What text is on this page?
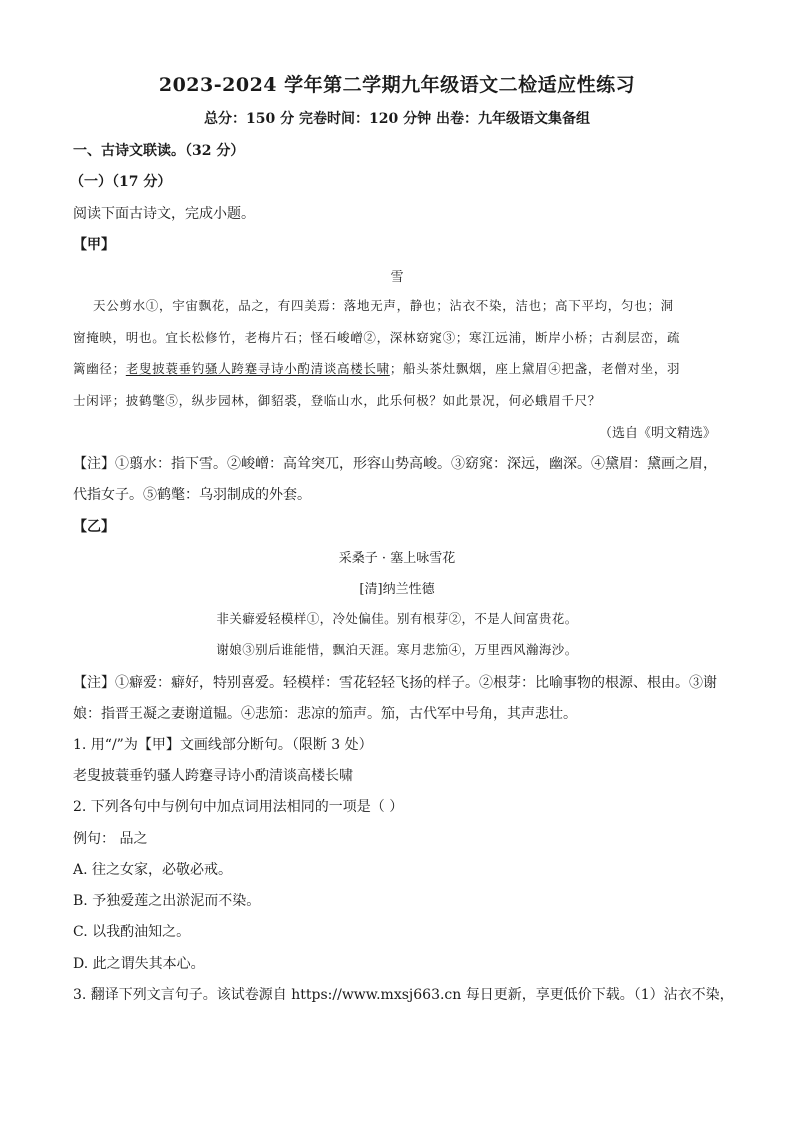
2023-2024 学年第二学期九年级语文二检适应性练习
总分：150 分 完卷时间：120 分钟 出卷：九年级语文集备组
一、古诗文联读。（32 分）
（一）（17 分）
阅读下面古诗文，完成小题。
【甲】
雪
天公剪水①，宇宙飘花，品之，有四美焉：落地无声，静也；沾衣不染，洁也；高下平均，匀也；洞
窗掩映，明也。宜长松修竹，老梅片石；怪石峻嶒②，深林窈窕③；寒江远浦，断岸小桥；古刹层峦，疏
篱幽径；老叟披蓑垂钓骚人跨蹇寻诗小酌清谈高楼长啸；船头茶灶飘烟，座上黛眉④把盏，老僧对坐，羽
士闲评；披鹤氅⑤，纵步园林，御貂裘，登临山水，此乐何极？如此景况，何必蛾眉千尺？
（选自《明文精选》
【注】①翦水：指下雪。②峻嶒：高耸突兀，形容山势高峻。③窈窕：深远，幽深。④黛眉：黛画之眉，
代指女子。⑤鹤氅：乌羽制成的外套。
【乙】
采桑子 · 塞上咏雪花
[清]纳兰性德
非关癖爱轻模样①，冷处偏佳。别有根芽②，不是人间富贵花。
谢娘③别后谁能惜，飘泊天涯。寒月悲笳④，万里西风瀚海沙。
【注】①癖爱：癖好，特别喜爱。轻模样：雪花轻轻飞扬的样子。②根芽：比喻事物的根源、根由。③谢
娘：指晋王凝之妻谢道韫。④悲笳：悲凉的笳声。笳，古代军中号角，其声悲壮。
1. 用“/”为【甲】文画线部分断句。（限断 3 处）
老叟披蓑垂钓骚人跨蹇寻诗小酌清谈高楼长啸
2. 下列各句中与例句中加点词用法相同的一项是（ ）
例句： 品之
A. 往之女家，必敬必戒。
B. 予独爱莲之出淤泥而不染。
C. 以我酌油知之。
D. 此之谓失其本心。
3. 翻译下列文言句子。该试卷源自 https://www.mxsj663.cn 每日更新，享更低价下载。（1）沾衣不染，
